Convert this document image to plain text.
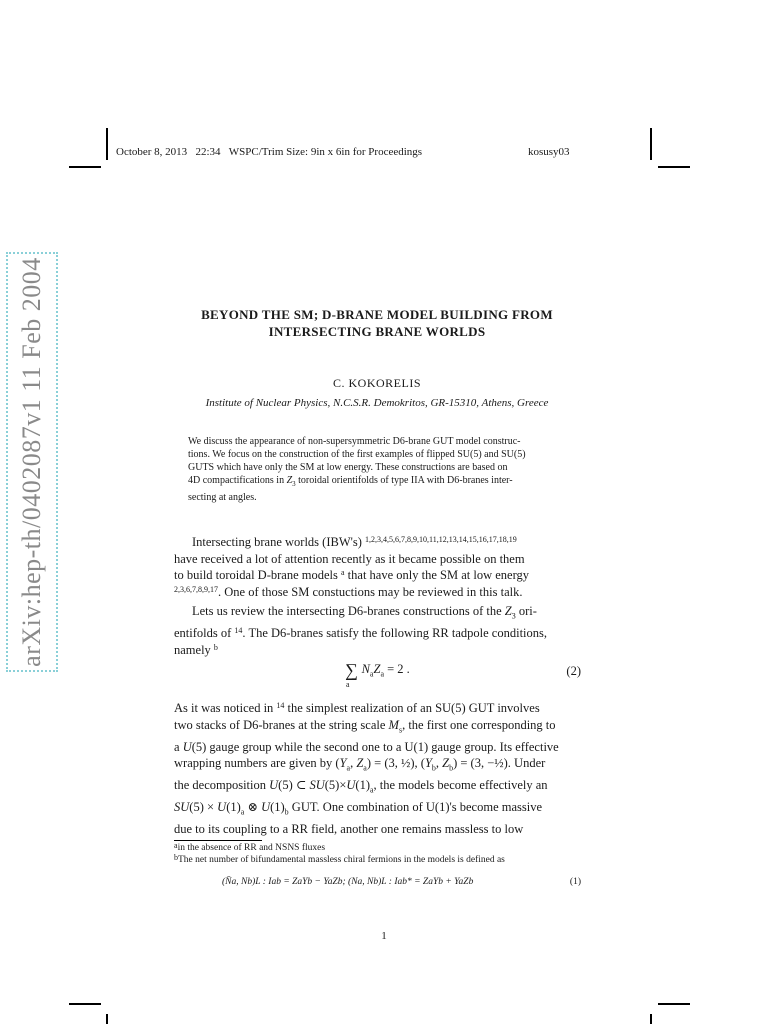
October 8, 2013 22:34 WSPC/Trim Size: 9in x 6in for Proceedings	kosusy03
arXiv:hep-th/0402087v1 11 Feb 2004	BEYOND THE SM; D-BRANE MODEL BUILDING FROM
INTERSECTING BRANE WORLDS
C. KOKORELIS
Institute of Nuclear Physics, N.C.S.R. Demokritos, GR-15310, Athens, Greece
We discuss the appearance of non-supersymmetric D6-brane GUT model construc-
tions. We focus on the construction of the first examples of flipped SU(5) and SU(5)
GUTS which have only the SM at low energy. These constructions are based on
4D compactifications in $Z_3$ toroidal orientifolds of type IIA with D6-branes inter-
secting at angles.
Intersecting brane worlds (IBW's) $^{1,2,3,4,5,6,7,8,9,10,11,12,13,14,15,16,17,18,19}$
have received a lot of attention recently as it became possible on them
to build toroidal D-brane models $^a$ that have only the SM at low energy
$^{2,3,6,7,8,9,17}$. One of those SM constuctions may be reviewed in this talk.
Lets us review the intersecting D6-branes constructions of the $Z_3$ ori-
entifolds of $^{14}$. The D6-branes satisfy the following RR tadpole conditions,
namely $^b$
$\sum_aN_aZ_a = 2$ .	(2)
As it was noticed in $^{14}$ the simplest realization of an SU(5) GUT involves
two stacks of D6-branes at the string scale $M_s$, the first one corresponding to
a U(5) gauge group while the second one to a U(1) gauge group. Its effective
wrapping numbers are given by ($Y_a$, $Z_a) = (3$, ½), ($Y_b$, $Z_b) = (3$, −½). Under
the decomposition U(5) ⊂ $SU(5)\times U(1)_a$, the models become effectively an
$SU(5) \times U(1)_a$ ⊗ $U(1)_b$ GUT. One combination of U(1)'s become massive
due to its coupling to a RR field, another one remains massless to low
$^a$in the absence of RR and NSNS fluxes
$^b$The net number of bifundamental massless chiral fermions in the models is defined as
(N̄a, Nb)L : Iab = ZaYb − YaZb; (Na, Nb)L : Iab* = ZaYb + YaZb	(1)
1
